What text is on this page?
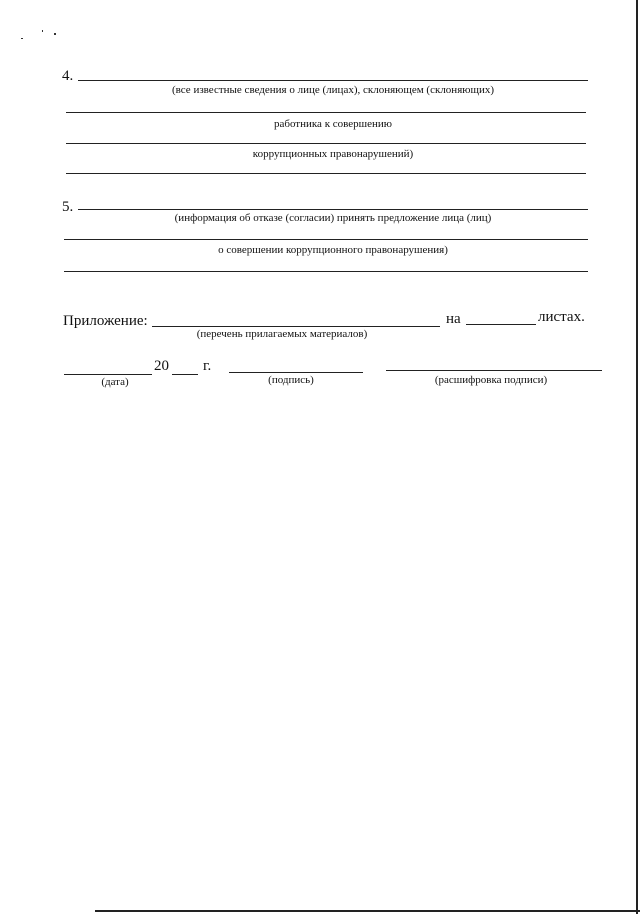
4.
(все известные сведения о лице (лицах), склоняющем (склоняющих)
работника к совершению
коррупционных правонарушений)
5.
(информация об отказе (согласии) принять предложение лица (лиц)
о совершении коррупционного правонарушения)
Приложение:
(перечень прилагаемых материалов)
на	листах.
20 г.
(дата)	(подпись)	(расшифровка подписи)
